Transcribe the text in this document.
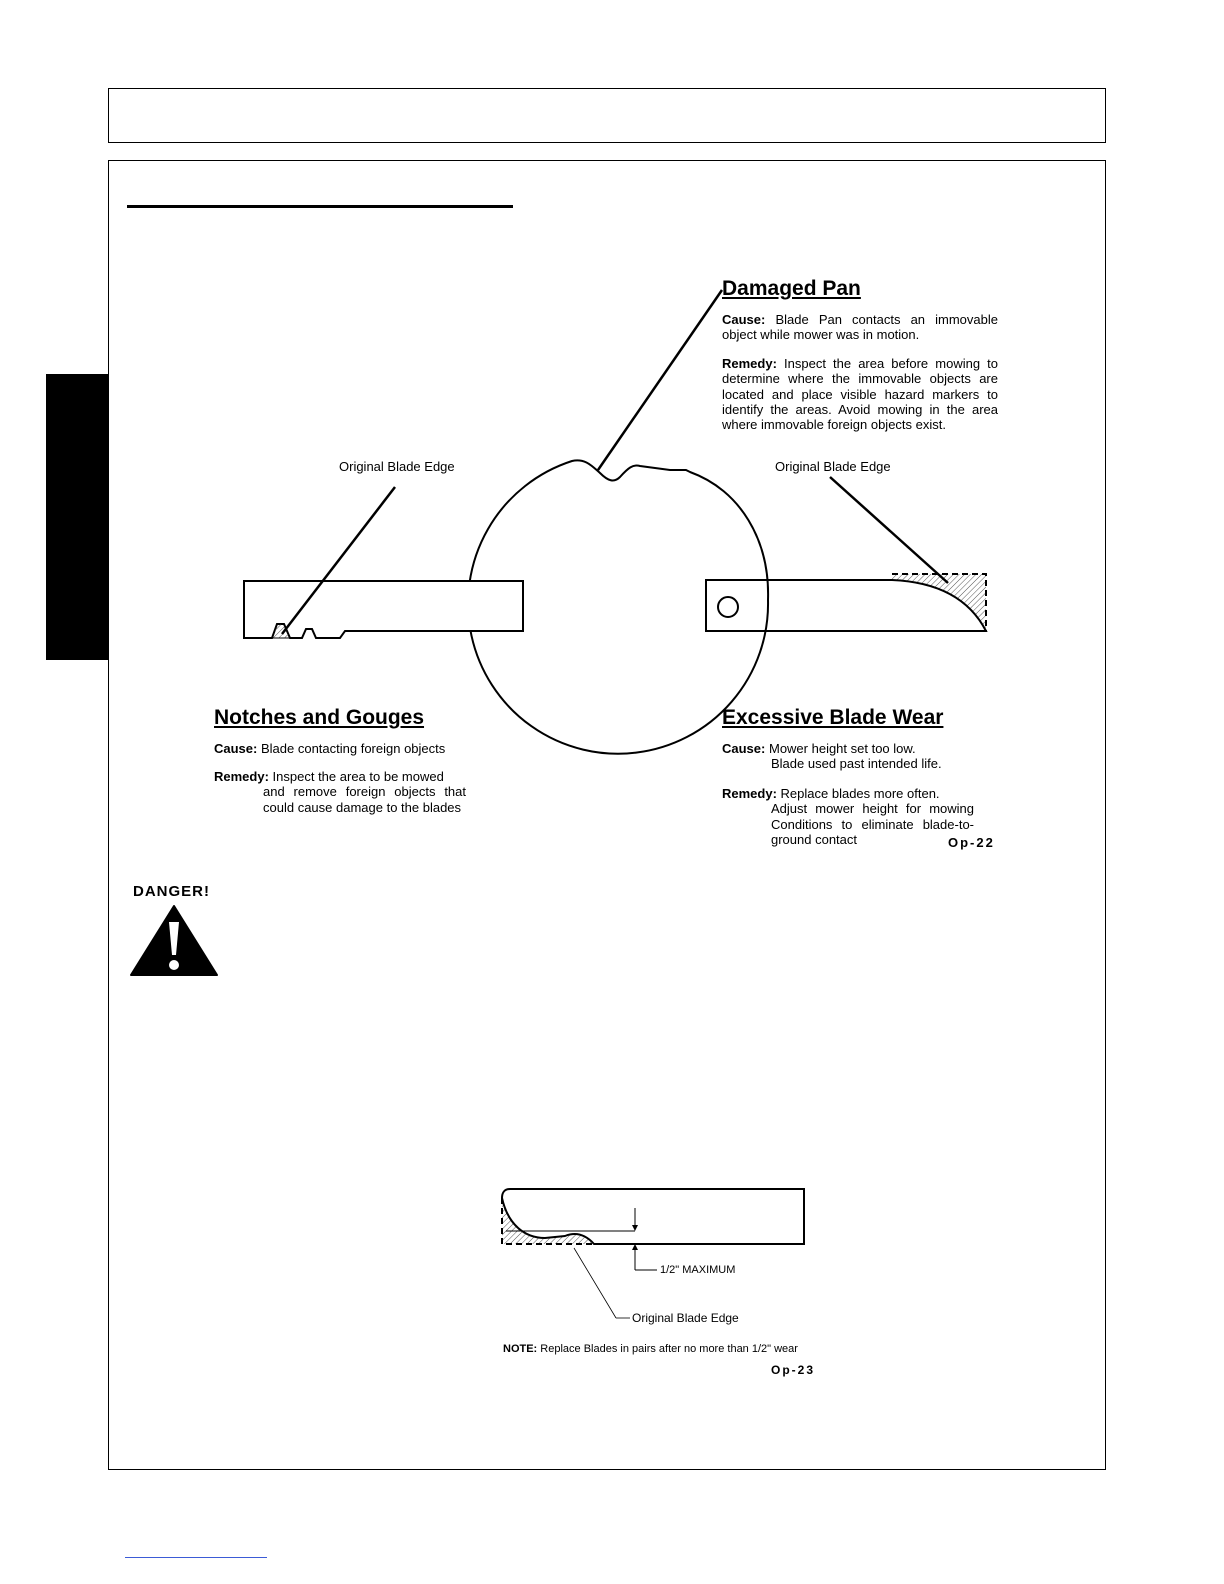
Damaged Pan
Cause: Blade Pan contacts an immovable object while mower was in motion.
Remedy: Inspect the area before mowing to determine where the immovable objects are located and place visible hazard markers to identify the areas. Avoid mowing in the area where immovable foreign objects exist.
Original Blade Edge	Original Blade Edge
Notches and Gouges
Cause: Blade contacting foreign objects
Remedy: Inspect the area to be mowed
and remove foreign objects that could cause damage to the blades
Excessive Blade Wear
Cause: Mower height set too low.
Blade used past intended life.
Remedy: Replace blades more often.
Adjust mower height for mowing Conditions to eliminate blade-to-ground contact	Op-22
DANGER!
1/2" MAXIMUM
Original Blade Edge
NOTE: Replace Blades in pairs after no more than 1/2" wear
Op-23
